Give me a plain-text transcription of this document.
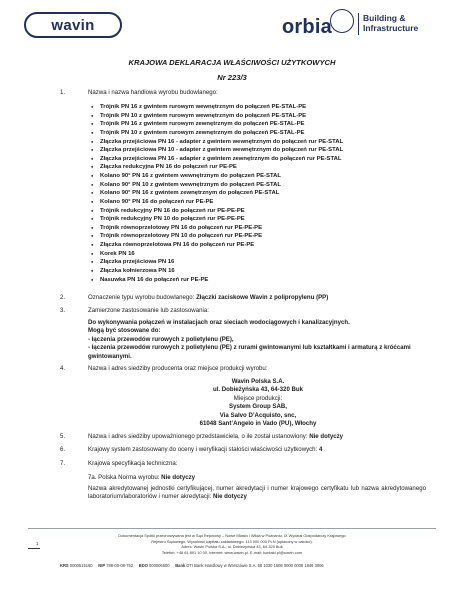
wavin	orbia	Building &
Infrastructure
KRAJOWA DEKLARACJA WŁAŚCIWOŚCI UŻYTKOWYCH
Nr 223/3
1.	Nazwa i nazwa handlowa wyrobu budowlanego:
● Trójnik PN 16 z gwintem rurowym wewnętrznym do połączeń PE-STAL-PE
● Trójnik PN 10 z gwintem rurowym wewnętrznym do połączeń PE-STAL-PE
● Trójnik PN 16 z gwintem rurowym zewnętrznym do połączeń PE-STAL-PE
● Trójnik PN 10 z gwintem rurowym zewnętrznym do połączeń PE-STAL-PE
● Złączka przejściowa PN 16 - adapter z gwintem wewnętrznym do połączeń rur PE-STAL
● Złączka przejściowa PN 10 - adapter z gwintem wewnętrznym do połączeń rur PE-STAL
● Złączka przejściowa PN 16 - adapter z gwintem zewnętrznym do połączeń rur PE-STAL
● Złączka redukcyjna PN 16 do połączeń rur PE-PE
● Kolano 90° PN 16 z gwintem wewnętrznym do połączeń PE-STAL
● Kolano 90° PN 10 z gwintem wewnętrznym do połączeń PE-STAL
● Kolano 90° PN 16 z gwintem zewnętrznym do połączeń PE-STAL
● Kolano 90° PN 16 do połączeń rur PE-PE
● Trójnik redukcyjny PN 16 do połączeń rur PE-PE-PE
● Trójnik redukcyjny PN 10 do połączeń rur PE-PE-PE
● Trójnik równoprzelotowy PN 16 do połączeń rur PE-PE-PE
● Trójnik równoprzelotowy PN 10 do połączeń rur PE-PE-PE
● Złączka równoprzelotowa PN 16 do połączeń rur PE-PE
● Korek PN 16
● Złączka przejściowa PN 16
● Złączka kołnierzowa PN 16
● Nasuwka PN 16 do połączeń rur PE-PE
2.	Oznaczenie typu wyrobu budowlanego: Złączki zaciskowe Wavin z polipropylenu (PP)
3.	Zamierzone zastosowanie lub zastosowania:
Do wykonywania połączeń w instalacjach oraz sieciach wodociągowych i kanalizacyjnych.
Mogą być stosowane do:
- łączenia przewodów rurowych z polietylenu (PE),
- łączenia przewodów rurowych z polietylenu (PE) z rurami gwintowanymi lub kształtkami i armaturą z króćcami gwintowanymi.
4.	Nazwa i adres siedziby producenta oraz miejsce produkcji wyrobu:
Wavin Polska S.A.
ul. Dobieżyńska 43, 64-320 Buk
Miejsce produkcji:
System Group SAB,
Via Salvo D’Acquisto, snc,
61048 Sant’Angelo in Vado (PU), Włochy
5.	Nazwa i adres siedziby upoważnionego przedstawiciela, o ile został ustanowiony: Nie dotyczy
6.	Krajowy system zastosowany do oceny i weryfikacji stałości właściwości użytkowych: 4
7.	Krajowa specyfikacja techniczna:
7a. Polska Norma wyrobu: Nie dotyczy
Nazwa akredytowanej jednostki certyfikującej, numer akredytacji i numer krajowego certyfikatu lub nazwa akredytowanego laboratorium/laboratoriów i numer akredytacji: Nie dotyczy
Dokumentacja Spółki przechowywana jest w Sąd Rejonowy – Nowe Miasto i Wilda w Poznaniu, IX Wydział Gospodarczy Krajowego
Rejestru Sądowego. Wysokość kapitału zakładowego: 113 000 000 PLN (opłacony w całości).
Adres: Wavin Polska S.A., ul. Dobieżyńska 43, 64-320 Buk
Telefon: +48 61 891 10 00. Internet: www.wavin.pl. E-mail: kontakt.pl@wavin.com
1
KRS 0000515160 NIP 788-00-08-752 BDO 000006500 Bank DTI Bank Handlowy w Warszawie S.A. 58 1030 1508 0000 0008 1846 3006
